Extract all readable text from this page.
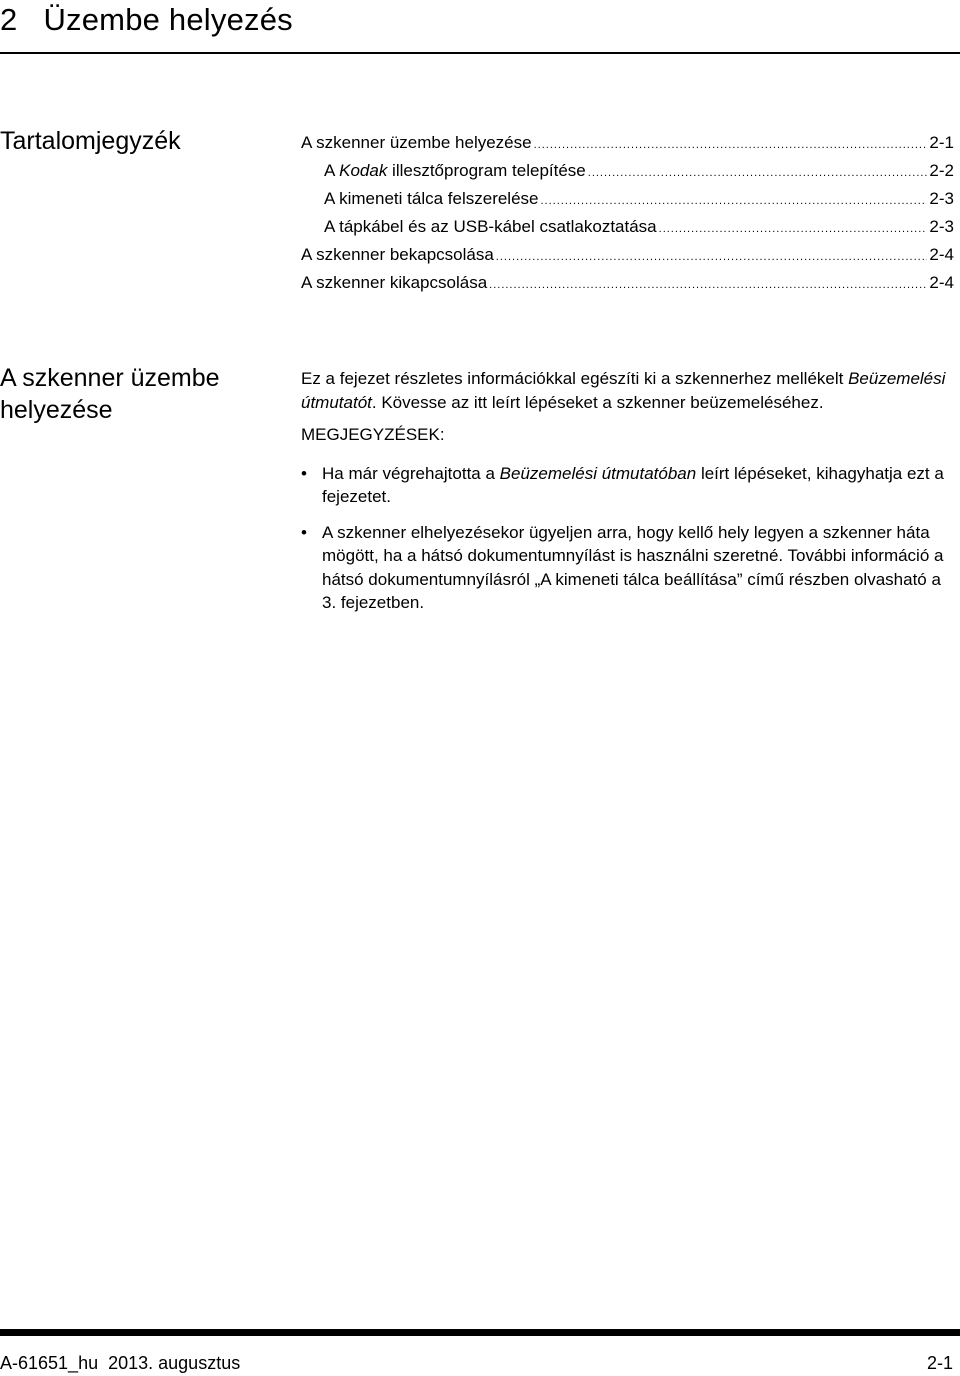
2 Üzembe helyezés
Tartalomjegyzék	A szkenner üzembe helyezése .....	2-1
A Kodak illesztőprogram telepítése .....	2-2
A kimeneti tálca felszerelése .....	2-3
A tápkábel és az USB-kábel csatlakoztatása .....	2-3
A szkenner bekapcsolása .....	2-4
A szkenner kikapcsolása .....	2-4
A szkenner üzembe
helyezése

Ez a fejezet részletes információkkal egészíti ki a szkennerhez mellékelt Beüzemelési útmutatót. Kövesse az itt leírt lépéseket a szkenner beüzemeléséhez.

MEGJEGYZÉSEK:

• Ha már végrehajtotta a Beüzemelési útmutatóban leírt lépéseket, kihagyhatja ezt a fejezetet.
• A szkenner elhelyezésekor ügyeljen arra, hogy kellő hely legyen a szkenner háta mögött, ha a hátsó dokumentumnyílást is használni szeretné. További információ a hátsó dokumentumnyílásról „A kimeneti tálca beállítása” című részben olvasható a 3. fejezetben.
A-61651_hu 2013. augusztus	2-1
